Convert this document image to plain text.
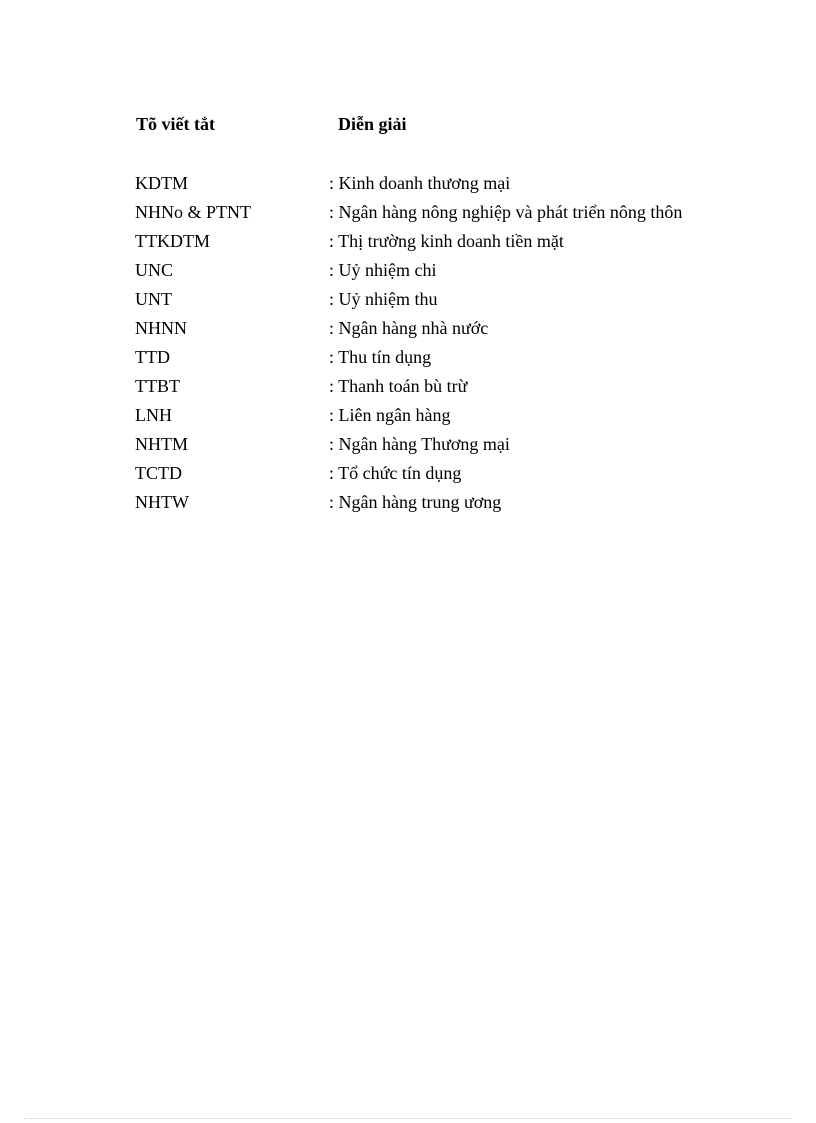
Tõ viết tắt	Diễn giải
KDTM	: Kinh doanh thương mại
NHNo & PTNT	: Ngân hàng nông nghiệp và phát triển nông thôn
TTKDTM	: Thị trường kinh doanh tiền mặt
UNC	: Uỷ nhiệm chi
UNT	: Uỷ nhiệm thu
NHNN	: Ngân hàng nhà nước
TTD	: Thu tín dụng
TTBT	: Thanh toán bù trừ
LNH	: Liên ngân hàng
NHTM	: Ngân hàng Thương mại
TCTD	: Tổ chức tín dụng
NHTW	: Ngân hàng trung ương
